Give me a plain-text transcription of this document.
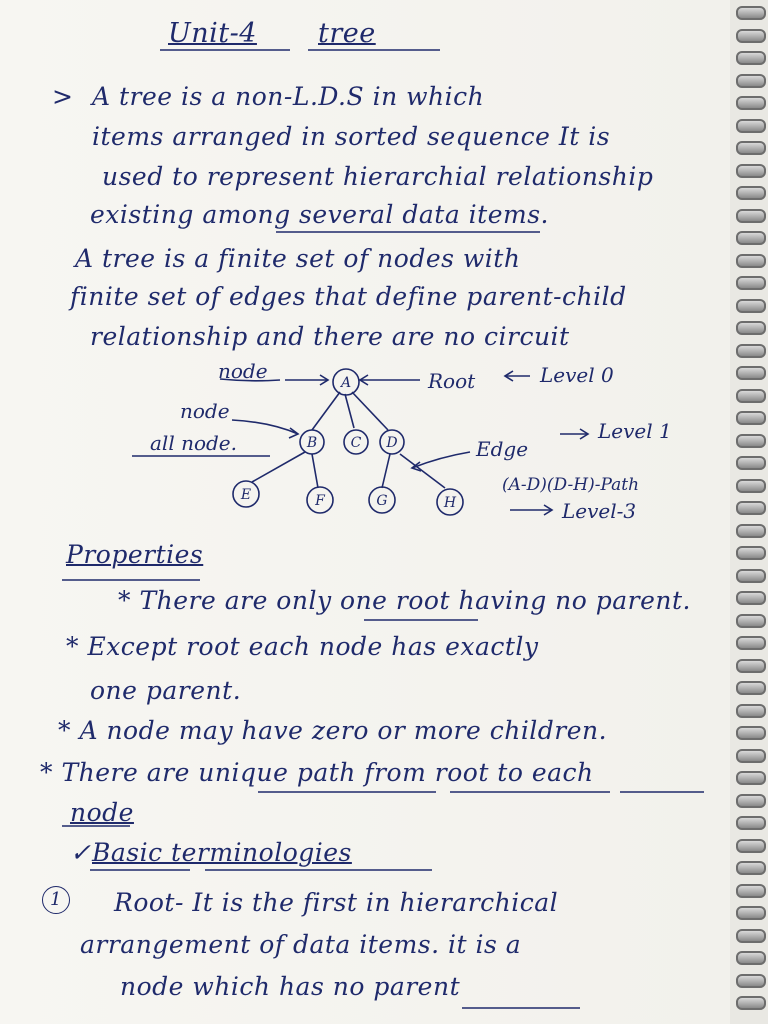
Unit-4 tree
> A tree is a non-L.D.S in which
items arranged in sorted sequence It is
used to represent hierarchial relationship
existing among several data items.
A tree is a finite set of nodes with
finite set of edges that define parent-child
relationship and there are no circuit
A
B C D
E	F	G	H
node	Root	Level 0
node
all node.	Level 1
Edge
(A-D)(D-H)-Path
Level-3
Properties
* There are only one root having no parent.
* Except root each node has exactly
one parent.
* A node may have zero or more children.
* There are unique path from root to each
node
✓ Basic terminologies
1	Root- It is the first in hierarchical
arrangement of data items. it is a
node which has no parent
